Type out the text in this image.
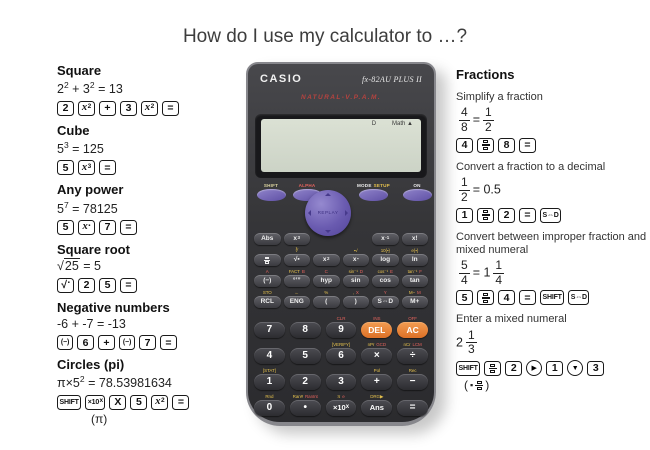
How do I use my calculator to …?
Square
$2^2 + 3^2 = 13$
2 x 2 + 3 x 2 =
Cube
$5^3 = 125$
5 x 3 =
Any power
$5^7 = 78125$
5 x ▪ 7 =
Square root
√25 = 5
√ ▪ 2 5 =
Negative numbers
-6 + -7 = -13
(−) 6 + (−) 7 =
Circles (pi)
$\pi\times 5^2 = 78.53981634$
SHIFT ×10 x X 5 x 2 =
(π)
CASIO	fx-82AU PLUS II
NATURAL-V.P.A.M.
D	Math ▲
SHIFT	ALPHA	MODE SETUP	ON
REPLAY
Abs	x 3	x -1	x!
∛
√▪	x 2
▪√
x ▪
10{▪}
log
e{▪}
ln
A
(−)
FACT B
°’”
C
hyp
sin⁻¹ D
sin
cos⁻¹ E
cos
tan⁻¹ F
tan
STO
RCL
←
ENG
%
(
, X
)
Y
S⇔D
M− M
M+
7	8
CLR
9
INS
DEL
OFF
AC
4	5
[VERIFY]
6
nPr GCD
×
nCr LCM
÷
[STAT]
1	2	3
Pol
+
Rec
−
Rnd
0
Ran# RanInt
•
π e
×10 x
DRG▶
Ans	=
Fractions
Simplify a fraction
$\frac{4}{8} = \frac{1}{2}$
4	8 =
Convert a fraction to a decimal
$\frac{1}{2} = 0.5$
1	2 = S⇔D
Convert between improper fraction and mixed numeral
$\frac{5}{4} = 1 \frac{1}{4}$
5	4 = SHIFT S⇔D
Enter a mixed numeral
$2 \frac{1}{3}$
SHIFT	2	▶	1	▼	3
( ▪ )
